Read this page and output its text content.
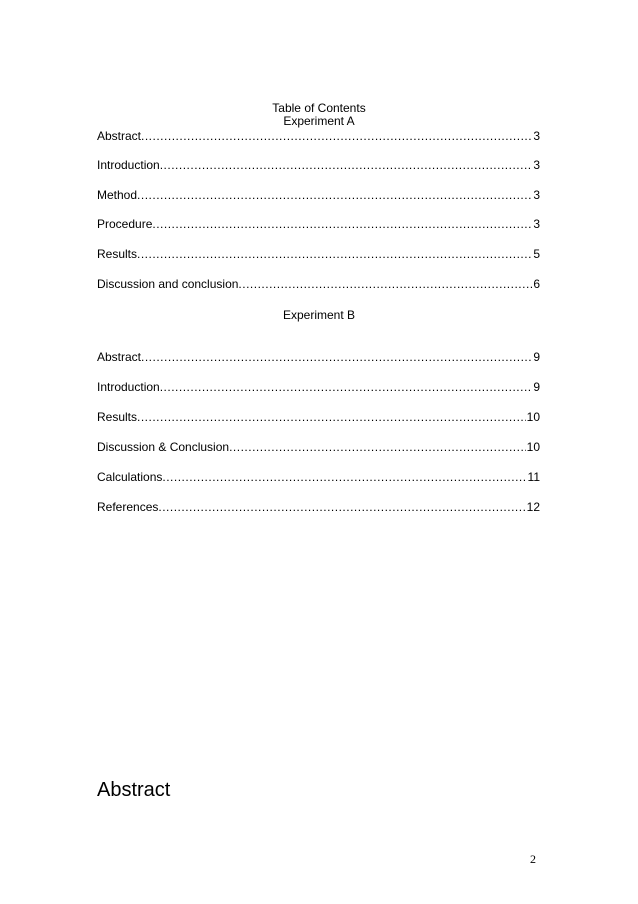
Table of Contents
Experiment A
Abstract .....	3
Introduction .....	3
Method .....	3
Procedure .....	3
Results .....	5
Discussion and conclusion .....	6
Experiment B
Abstract .....	9
Introduction .....	9
Results .....	10
Discussion & Conclusion .....	10
Calculations .....	11
References .....	12
Abstract
2
